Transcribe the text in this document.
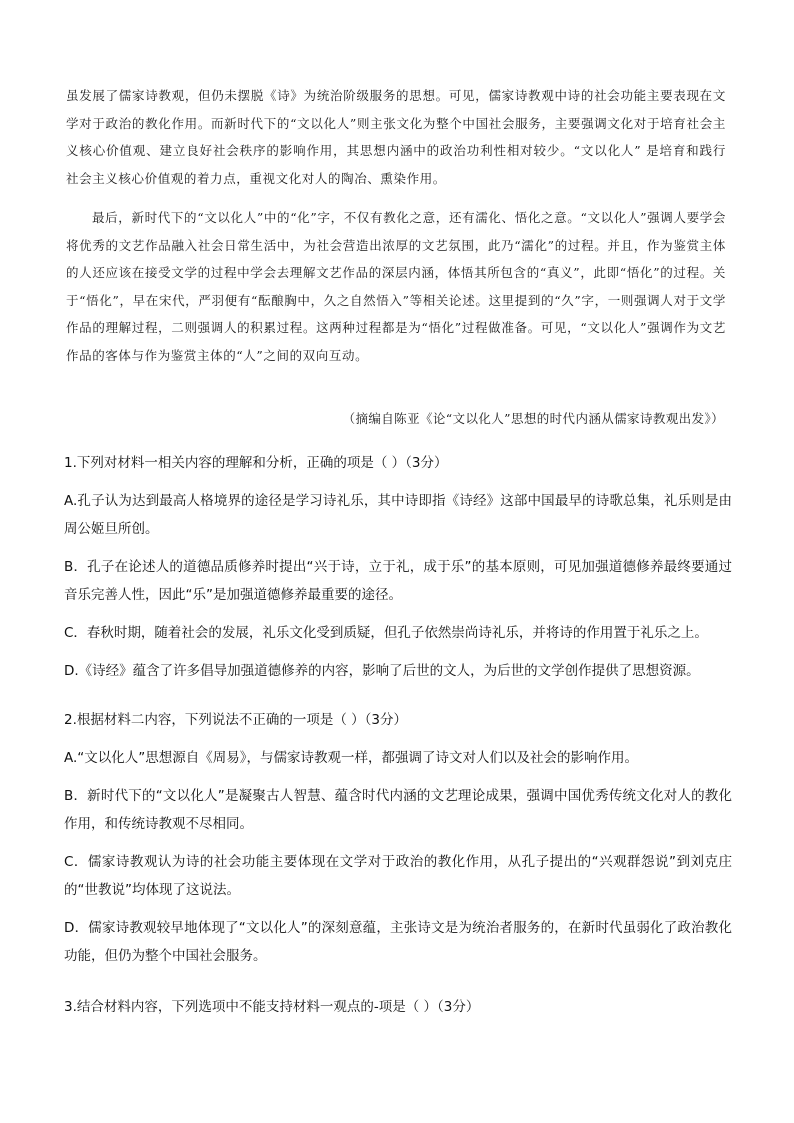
虽发展了儒家诗教观，但仍未摆脱《诗》为统治阶级服务的思想。可见，儒家诗教观中诗的社会功能主要表现在文学对于政治的教化作用。而新时代下的“文以化人”则主张文化为整个中国社会服务，主要强调文化对于培育社会主义核心价值观、建立良好社会秩序的影响作用，其思想内涵中的政治功利性相对较少。“文以化人” 是培育和践行社会主义核心价值观的着力点，重视文化对人的陶冶、熏染作用。

最后，新时代下的“文以化人”中的“化”字，不仅有教化之意，还有濡化、悟化之意。“文以化人”强调人要学会将优秀的文艺作品融入社会日常生活中，为社会营造出浓厚的文艺氛围，此乃“濡化”的过程。并且，作为鉴赏主体的人还应该在接受文学的过程中学会去理解文艺作品的深层内涵，体悟其所包含的“真义”，此即“悟化”的过程。关于“悟化”，早在宋代，严羽便有“酝酿胸中，久之自然悟入”等相关论述。这里提到的“久”字，一则强调人对于文学作品的理解过程，二则强调人的积累过程。这两种过程都是为“悟化”过程做准备。可见，“文以化人”强调作为文艺作品的客体与作为鉴赏主体的“人”之间的双向互动。

（摘编自陈亚《论“文以化人”思想的时代内涵从儒家诗教观出发》）

1.下列对材料一相关内容的理解和分析，正确的项是（ ）（3分）

A.孔子认为达到最高人格境界的途径是学习诗礼乐，其中诗即指《诗经》这部中国最早的诗歌总集，礼乐则是由周公姬旦所创。

B．孔子在论述人的道德品质修养时提出“兴于诗，立于礼，成于乐”的基本原则，可见加强道德修养最终要通过音乐完善人性，因此“乐”是加强道德修养最重要的途径。

C．春秋时期，随着社会的发展，礼乐文化受到质疑，但孔子依然崇尚诗礼乐，并将诗的作用置于礼乐之上。

D.《诗经》蕴含了许多倡导加强道德修养的内容，影响了后世的文人，为后世的文学创作提供了思想资源。

2.根据材料二内容，下列说法不正确的一项是（ ）（3分）

A.“文以化人”思想源自《周易》，与儒家诗教观一样，都强调了诗文对人们以及社会的影响作用。

B．新时代下的“文以化人”是凝聚古人智慧、蕴含时代内涵的文艺理论成果，强调中国优秀传统文化对人的教化作用，和传统诗教观不尽相同。

C．儒家诗教观认为诗的社会功能主要体现在文学对于政治的教化作用，从孔子提出的“兴观群怨说”到刘克庄的“世教说”均体现了这说法。

D．儒家诗教观较早地体现了“文以化人”的深刻意蕴，主张诗文是为统治者服务的，在新时代虽弱化了政治教化功能，但仍为整个中国社会服务。

3.结合材料内容，下列选项中不能支持材料一观点的-项是（ ）（3分）
